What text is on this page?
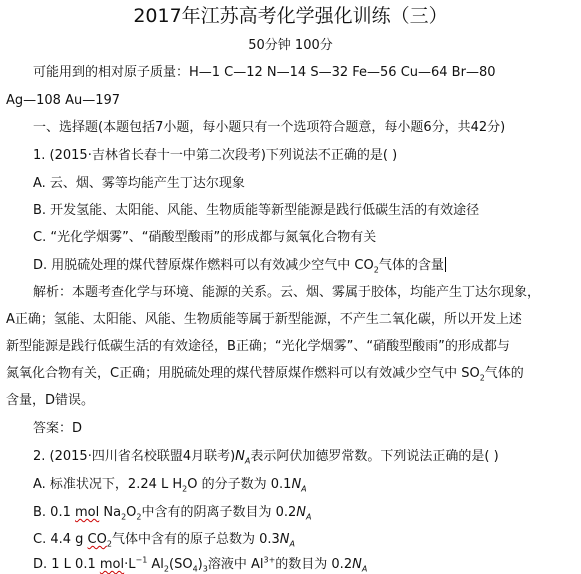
2017年江苏高考化学强化训练（三）
50分钟 100分
可能用到的相对原子质量：H—1 C—12 N—14 S—32 Fe—56 Cu—64 Br—80
Ag—108 Au—197
一、选择题(本题包括7小题，每小题只有一个选项符合题意，每小题6分，共42分)
1. (2015·吉林省长春十一中第二次段考)下列说法不正确的是( )
A. 云、烟、雾等均能产生丁达尔现象
B. 开发氢能、太阳能、风能、生物质能等新型能源是践行低碳生活的有效途径
C. “光化学烟雾”、“硝酸型酸雨”的形成都与氮氧化合物有关
D. 用脱硫处理的煤代替原煤作燃料可以有效减少空气中 $CO_2$气体的含量
解析：本题考查化学与环境、能源的关系。云、烟、雾属于胶体，均能产生丁达尔现象，
A正确；氢能、太阳能、风能、生物质能等属于新型能源，不产生二氧化碳，所以开发上述
新型能源是践行低碳生活的有效途径，B正确；“光化学烟雾”、“硝酸型酸雨”的形成都与
氮氧化合物有关，C正确；用脱硫处理的煤代替原煤作燃料可以有效减少空气中 $SO_2$气体的
含量，D错误。
答案：D
2. (2015·四川省名校联盟4月联考)$N_A$表示阿伏加德罗常数。下列说法正确的是( )
A. 标准状况下，2.24 L $H_2O$ 的分子数为 $0.1N_A$
B. 0.1 mol $Na_2O_2$中含有的阴离子数目为 $0.2N_A$
C. 4.4 g $CO_2$气体中含有的原子总数为 $0.3N_A$
D. 1 L 0.1 $mol\cdot L^{-1}$ $Al_2(SO_4)_3$溶液中 $Al^{3+}$的数目为 $0.2N_A$
